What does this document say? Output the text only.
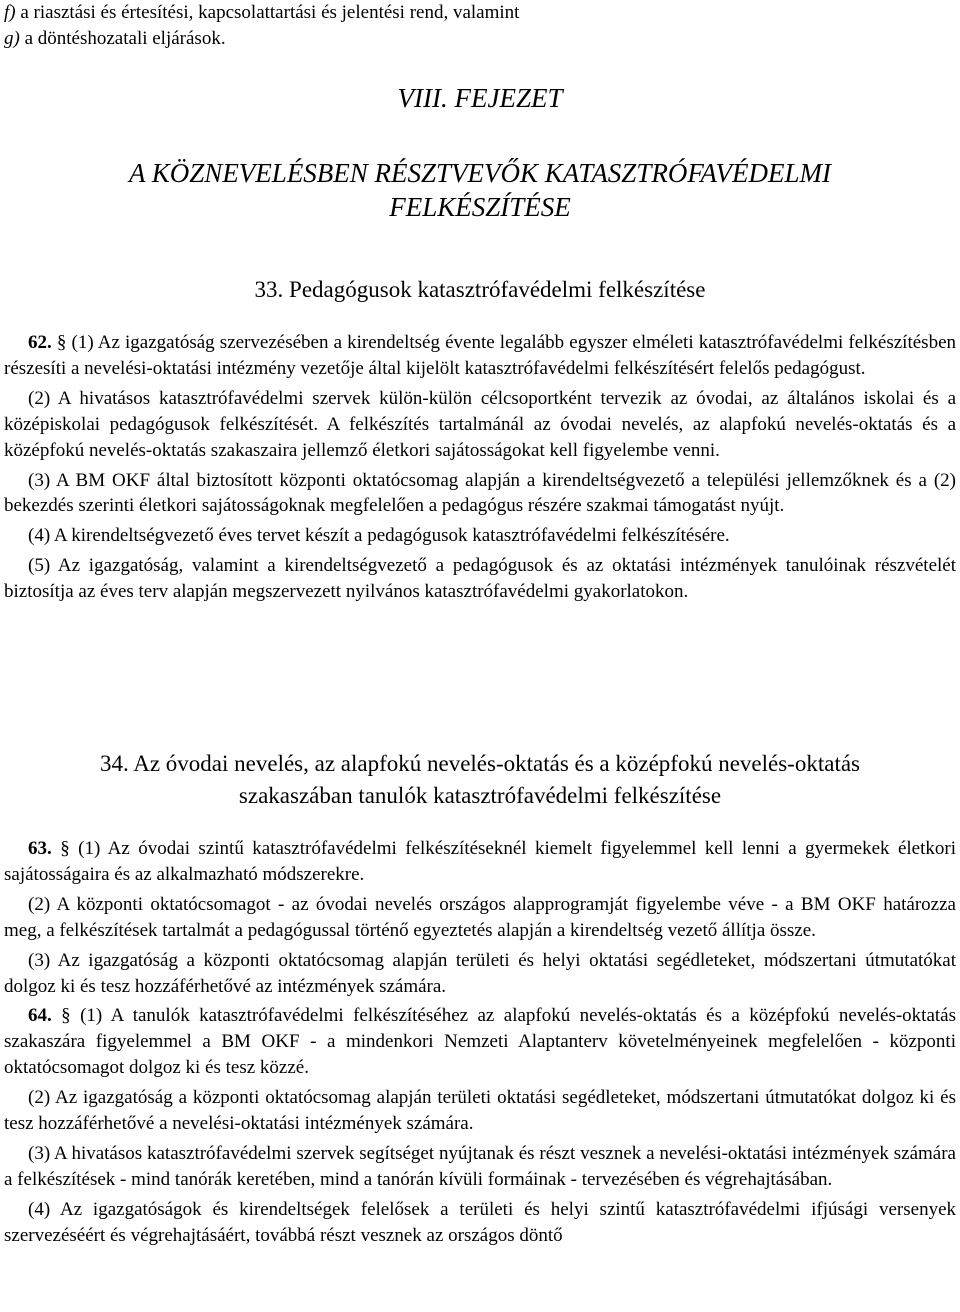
f) a riasztási és értesítési, kapcsolattartási és jelentési rend, valamint

g) a döntéshozatali eljárások.

VIII. FEJEZET
A KÖZNEVELÉSBEN RÉSZTVEVŐK KATASZTRÓFAVÉDELMI
FELKÉSZÍTÉSE
33. Pedagógusok katasztrófavédelmi felkészítése

62. § (1) Az igazgatóság szervezésében a kirendeltség évente legalább egyszer elméleti katasztrófavédelmi felkészítésben részesíti a nevelési-oktatási intézmény vezetője által kijelölt katasztrófavédelmi felkészítésért felelős pedagógust.

(2) A hivatásos katasztrófavédelmi szervek külön-külön célcsoportként tervezik az óvodai, az általános iskolai és a középiskolai pedagógusok felkészítését. A felkészítés tartalmánál az óvodai nevelés, az alapfokú nevelés-oktatás és a középfokú nevelés-oktatás szakaszaira jellemző életkori sajátosságokat kell figyelembe venni.

(3) A BM OKF által biztosított központi oktatócsomag alapján a kirendeltségvezető a települési jellemzőknek és a (2) bekezdés szerinti életkori sajátosságoknak megfelelően a pedagógus részére szakmai támogatást nyújt.

(4) A kirendeltségvezető éves tervet készít a pedagógusok katasztrófavédelmi felkészítésére.

(5) Az igazgatóság, valamint a kirendeltségvezető a pedagógusok és az oktatási intézmények tanulóinak részvételét biztosítja az éves terv alapján megszervezett nyilvános katasztrófavédelmi gyakorlatokon.

34. Az óvodai nevelés, az alapfokú nevelés-oktatás és a középfokú nevelés-oktatás
szakaszában tanulók katasztrófavédelmi felkészítése

63. § (1) Az óvodai szintű katasztrófavédelmi felkészítéseknél kiemelt figyelemmel kell lenni a gyermekek életkori sajátosságaira és az alkalmazható módszerekre.

(2) A központi oktatócsomagot - az óvodai nevelés országos alapprogramját figyelembe véve - a BM OKF határozza meg, a felkészítések tartalmát a pedagógussal történő egyeztetés alapján a kirendeltség vezető állítja össze.

(3) Az igazgatóság a központi oktatócsomag alapján területi és helyi oktatási segédleteket, módszertani útmutatókat dolgoz ki és tesz hozzáférhetővé az intézmények számára.

64. § (1) A tanulók katasztrófavédelmi felkészítéséhez az alapfokú nevelés-oktatás és a középfokú nevelés-oktatás szakaszára figyelemmel a BM OKF - a mindenkori Nemzeti Alaptanterv követelményeinek megfelelően - központi oktatócsomagot dolgoz ki és tesz közzé.

(2) Az igazgatóság a központi oktatócsomag alapján területi oktatási segédleteket, módszertani útmutatókat dolgoz ki és tesz hozzáférhetővé a nevelési-oktatási intézmények számára.

(3) A hivatásos katasztrófavédelmi szervek segítséget nyújtanak és részt vesznek a nevelési-oktatási intézmények számára a felkészítések - mind tanórák keretében, mind a tanórán kívüli formáinak - tervezésében és végrehajtásában.

(4) Az igazgatóságok és kirendeltségek felelősek a területi és helyi szintű katasztrófavédelmi ifjúsági versenyek szervezéséért és végrehajtásáért, továbbá részt vesznek az országos döntő
